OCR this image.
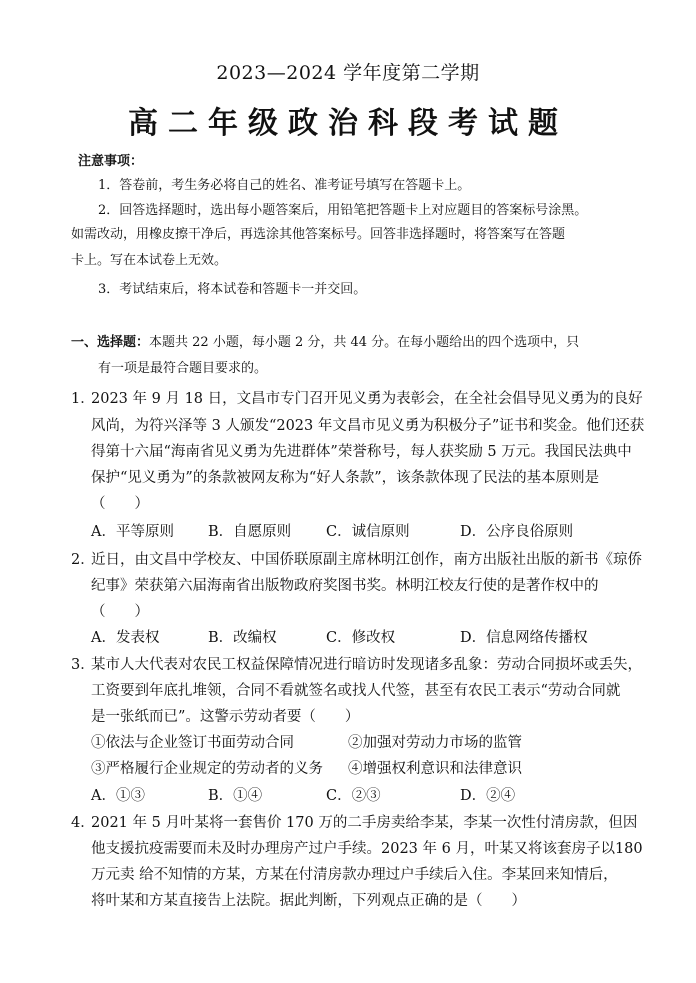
2023—2024 学年度第二学期
高二年级政治科段考试题
注意事项：
1．答卷前，考生务必将自己的姓名、准考证号填写在答题卡上。
2．回答选择题时，选出每小题答案后，用铅笔把答题卡上对应题目的答案标号涂黑。
如需改动，用橡皮擦干净后，再选涂其他答案标号。回答非选择题时，将答案写在答题
卡上。写在本试卷上无效。
3．考试结束后，将本试卷和答题卡一并交回。
一、选择题：本题共 22 小题，每小题 2 分，共 44 分。在每小题给出的四个选项中，只
有一项是最符合题目要求的。
1．
2023 年 9 月 18 日，文昌市专门召开见义勇为表彰会，在全社会倡导见义勇为的良好
风尚，为符兴泽等 3 人颁发“2023 年文昌市见义勇为积极分子”证书和奖金。他们还获
得第十六届“海南省见义勇为先进群体”荣誉称号，每人获奖励 5 万元。我国民法典中
保护“见义勇为”的条款被网友称为“好人条款”，该条款体现了民法的基本原则是
（　　）
A．平等原则 B．自愿原则 C．诚信原则	D．公序良俗原则
2．
近日，由文昌中学校友、中国侨联原副主席林明江创作，南方出版社出版的新书《琼侨
纪事》荣获第六届海南省出版物政府奖图书奖。林明江校友行使的是著作权中的
（　　）
A．发表权	B．改编权	C．修改权	D．信息网络传播权
3．
某市人大代表对农民工权益保障情况进行暗访时发现诸多乱象：劳动合同损坏或丢失，
工资要到年底扎堆领，合同不看就签名或找人代签，甚至有农民工表示“劳动合同就
是一张纸而已”。这警示劳动者要（　　）
①依法与企业签订书面劳动合同	②加强对劳动力市场的监管
③严格履行企业规定的劳动者的义务 ④增强权利意识和法律意识
A．①③	B．①④	C．②③	D．②④
4．
2021 年 5 月叶某将一套售价 170 万的二手房卖给李某，李某一次性付清房款，但因
他支援抗疫需要而未及时办理房产过户手续。2023 年 6 月，叶某又将该套房子以180
万元卖 给不知情的方某，方某在付清房款办理过户手续后入住。李某回来知情后，
将叶某和方某直接告上法院。据此判断，下列观点正确的是（　　）
